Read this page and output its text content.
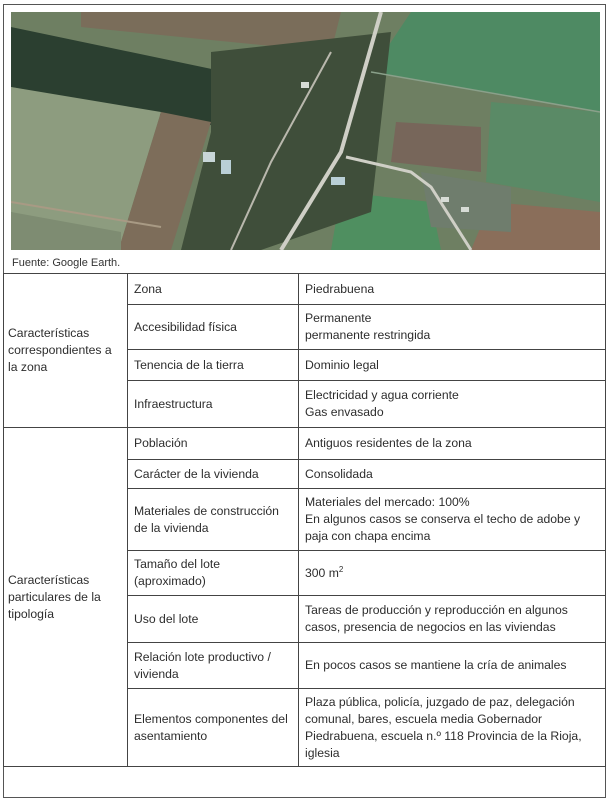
Fuente: Google Earth.
Características correspondientes a la zona	Zona	Piedrabuena

	Accesibilidad física	Permanente
permanente restringida

	Tenencia de la tierra	Dominio legal

	Infraestructura	Electricidad y agua corriente
Gas envasado

Características particulares de la tipología	Población	Antiguos residentes de la zona

	Carácter de la vivienda	Consolidada

	Materiales de construcción de la vivienda	Materiales del mercado: 100%
En algunos casos se conserva el techo de adobe y paja con chapa encima

	Tamaño del lote (aproximado)	300 $m^2$
	Uso del lote	Tareas de producción y reproducción en algunos casos, presencia de negocios en las viviendas

	Relación lote productivo / vivienda	En pocos casos se mantiene la cría de animales

	Elementos componentes del asentamiento	Plaza pública, policía, juzgado de paz, delegación comunal, bares, escuela media Gobernador Piedrabuena, escuela n.º 118 Provincia de la Rioja, iglesia
